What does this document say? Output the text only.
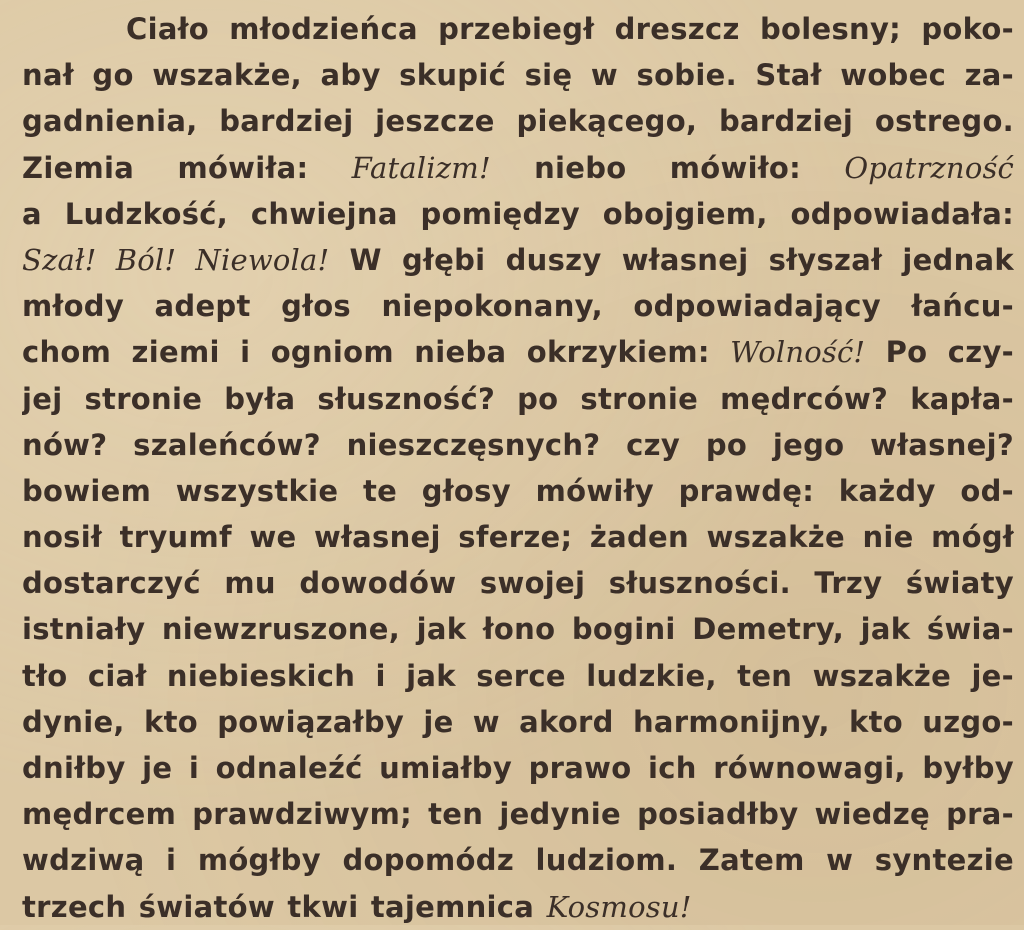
Ciało młodzieńca przebiegł dreszcz bolesny; poko-
nał go wszakże, aby skupić się w sobie. Stał wobec za-
gadnienia, bardziej jeszcze piekącego, bardziej ostrego.
Ziemia mówiła: Fatalizm! niebo mówiło: Opatrzność
a Ludzkość, chwiejna pomiędzy obojgiem, odpowiadała:
Szał! Ból! Niewola! W głębi duszy własnej słyszał jednak
młody adept głos niepokonany, odpowiadający łańcu-
chom ziemi i ogniom nieba okrzykiem: Wolność! Po czy-
jej stronie była słuszność? po stronie mędrców? kapła-
nów? szaleńców? nieszczęsnych? czy po jego własnej?
bowiem wszystkie te głosy mówiły prawdę: każdy od-
nosił tryumf we własnej sferze; żaden wszakże nie mógł
dostarczyć mu dowodów swojej słuszności. Trzy światy
istniały niewzruszone, jak łono bogini Demetry, jak świa-
tło ciał niebieskich i jak serce ludzkie, ten wszakże je-
dynie, kto powiązałby je w akord harmonijny, kto uzgo-
dniłby je i odnaleźć umiałby prawo ich równowagi, byłby
mędrcem prawdziwym; ten jedynie posiadłby wiedzę pra-
wdziwą i mógłby dopomódz ludziom. Zatem w syntezie
trzech światów tkwi tajemnica Kosmosu!
